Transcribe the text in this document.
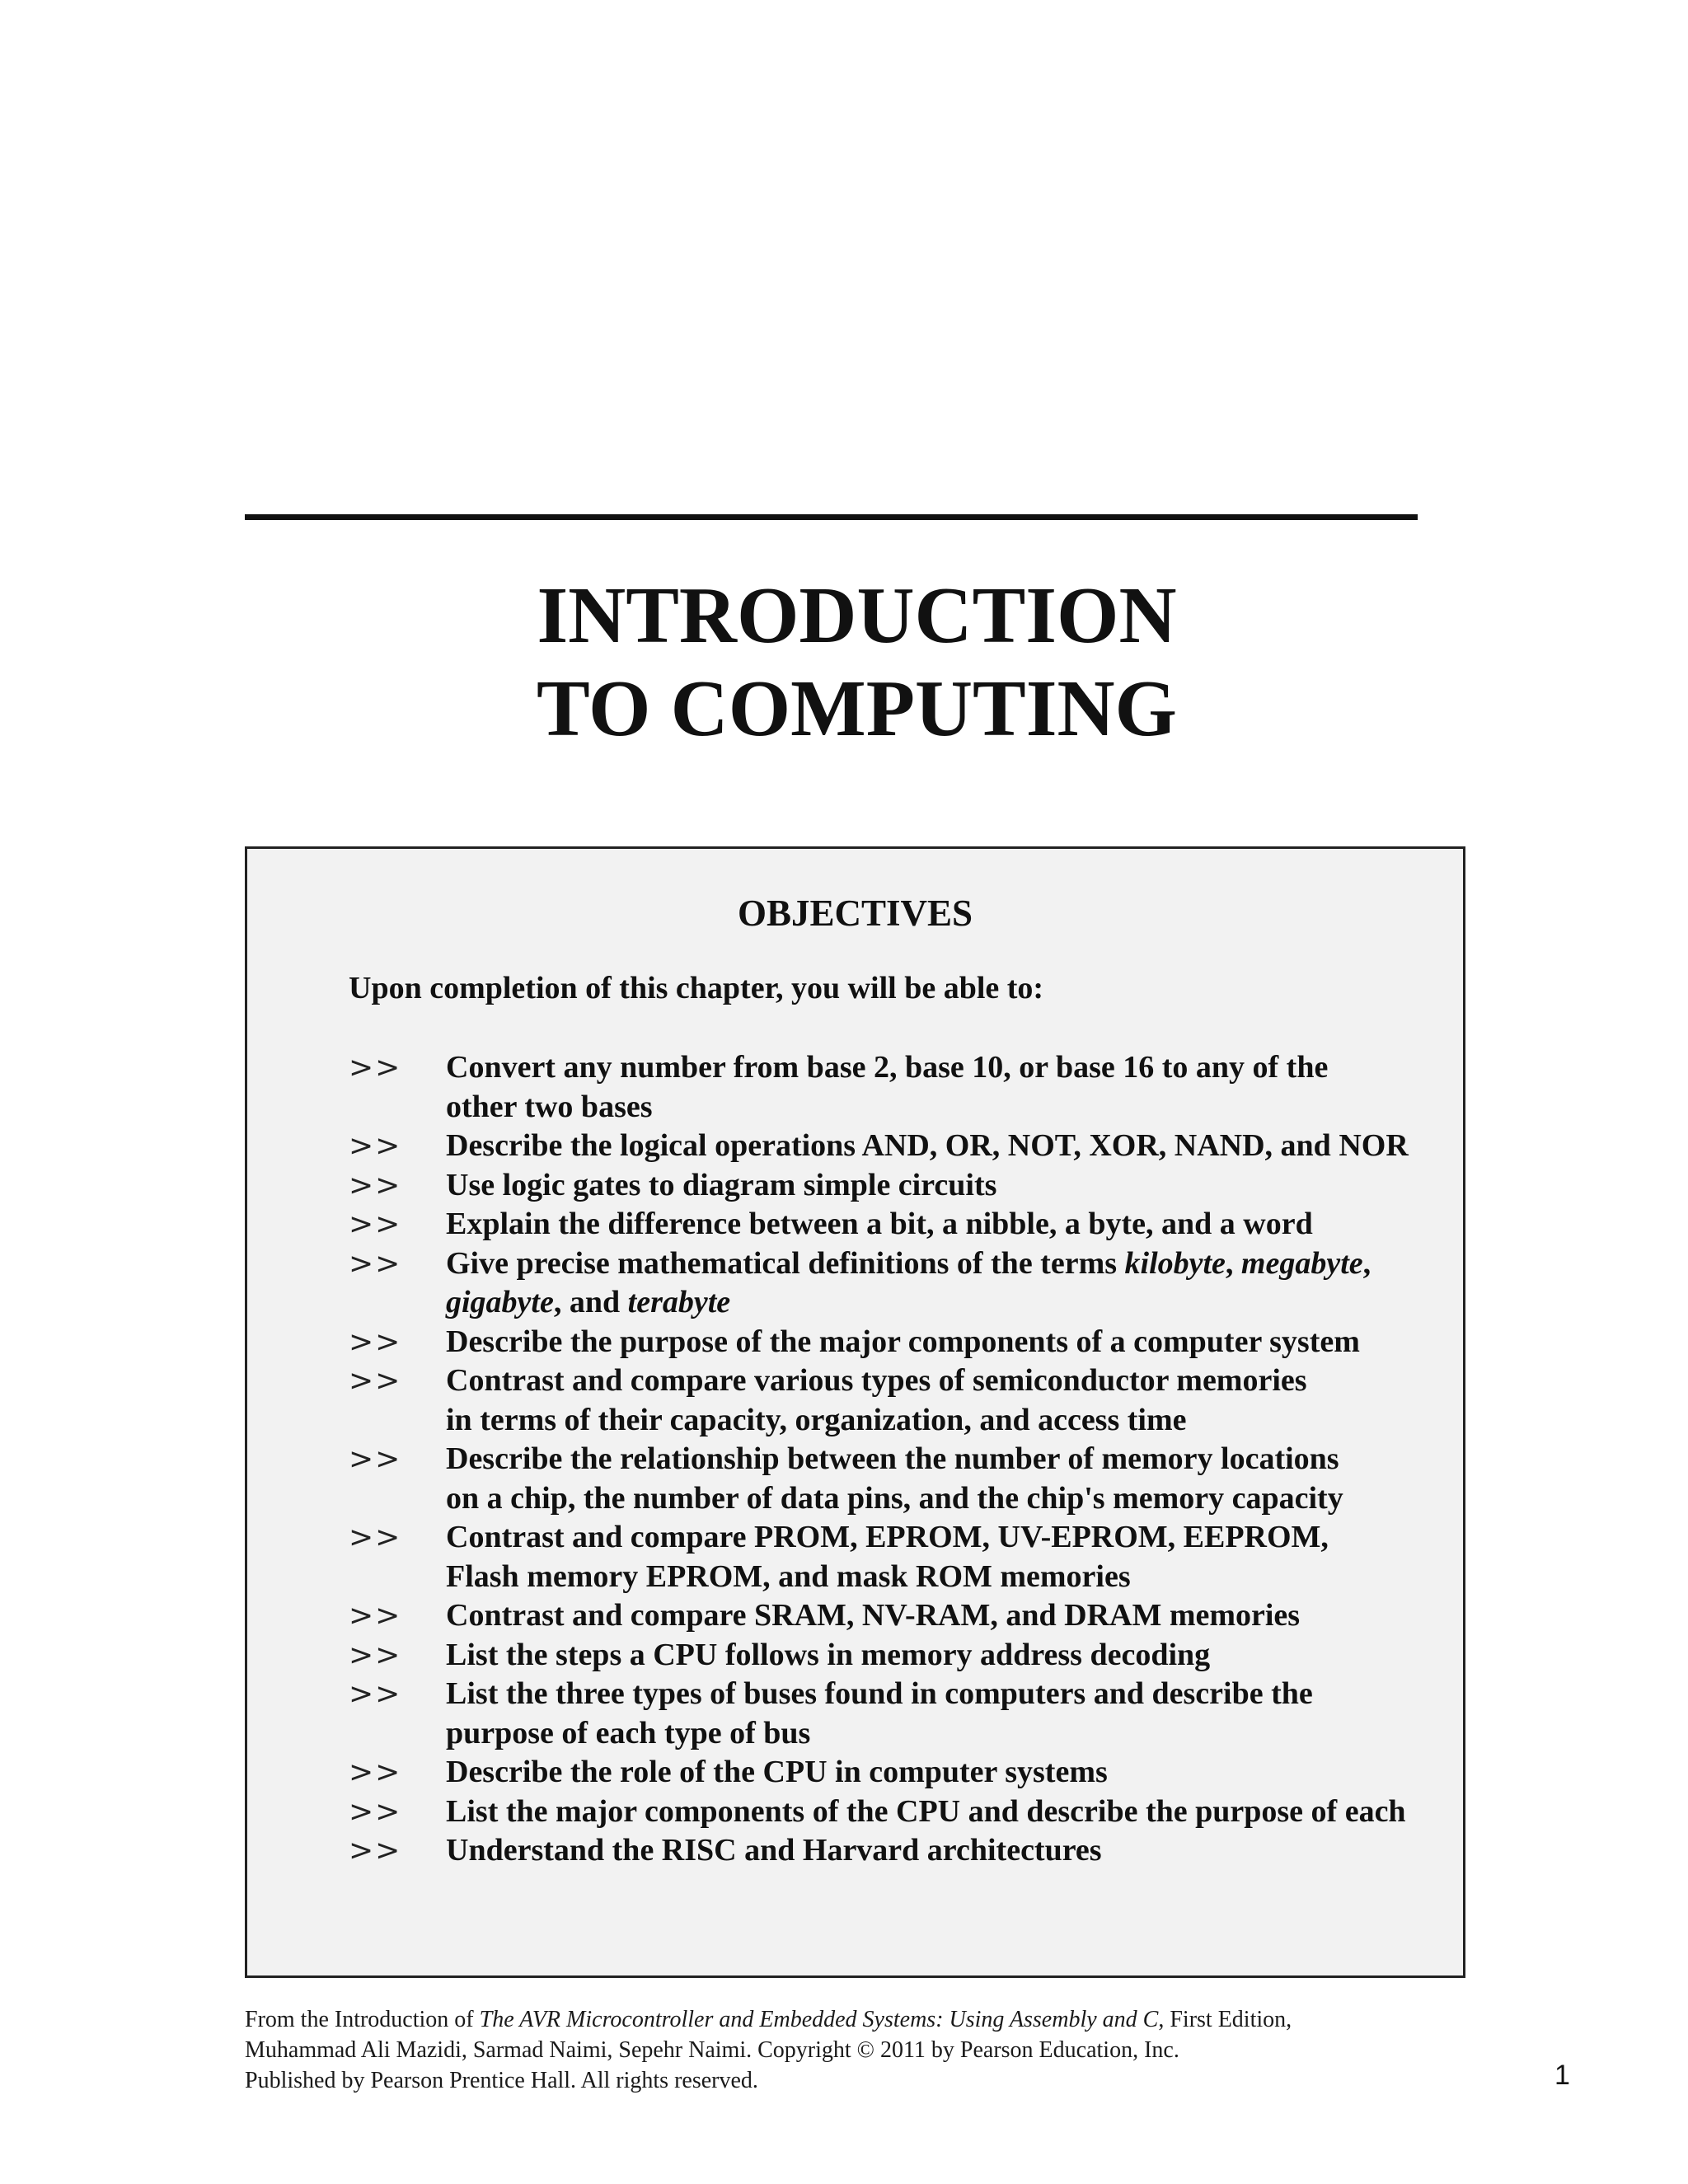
INTRODUCTION
TO COMPUTING
OBJECTIVES
Upon completion of this chapter, you will be able to:
>>	Convert any number from base 2, base 10, or base 16 to any of the
other two bases
>>	Describe the logical operations AND, OR, NOT, XOR, NAND, and NOR
>>	Use logic gates to diagram simple circuits
>>	Explain the difference between a bit, a nibble, a byte, and a word
>>	Give precise mathematical definitions of the terms kilobyte, megabyte,
gigabyte, and terabyte
>>	Describe the purpose of the major components of a computer system
>>	Contrast and compare various types of semiconductor memories
in terms of their capacity, organization, and access time
>>	Describe the relationship between the number of memory locations
on a chip, the number of data pins, and the chip's memory capacity
>>	Contrast and compare PROM, EPROM, UV-EPROM, EEPROM,
Flash memory EPROM, and mask ROM memories
>>	Contrast and compare SRAM, NV-RAM, and DRAM memories
>>	List the steps a CPU follows in memory address decoding
>>	List the three types of buses found in computers and describe the
purpose of each type of bus
>>	Describe the role of the CPU in computer systems
>>	List the major components of the CPU and describe the purpose of each
>>	Understand the RISC and Harvard architectures
From the Introduction of The AVR Microcontroller and Embedded Systems: Using Assembly and C, First Edition,
Muhammad Ali Mazidi, Sarmad Naimi, Sepehr Naimi. Copyright © 2011 by Pearson Education, Inc.
Published by Pearson Prentice Hall. All rights reserved.	1
